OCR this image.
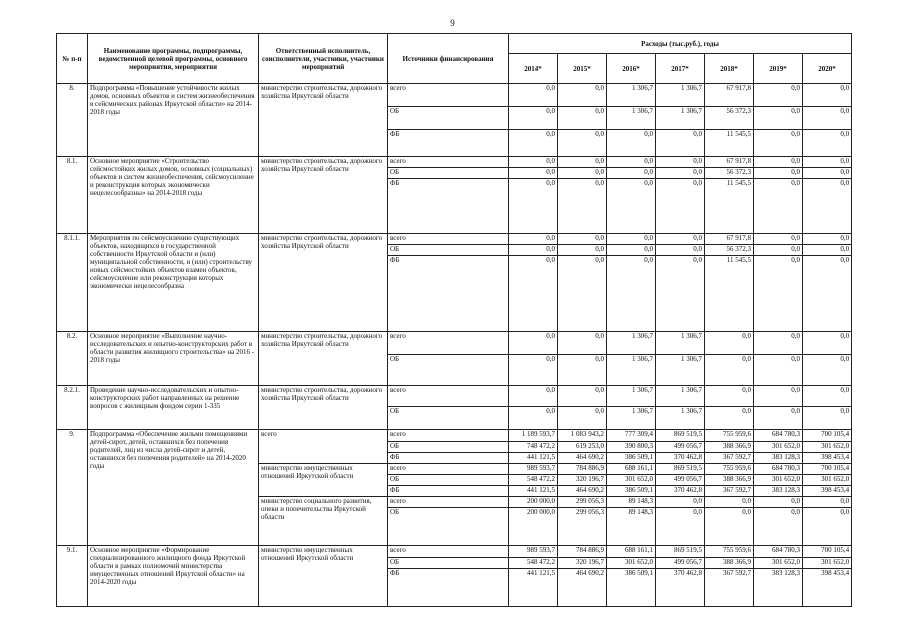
9
№ п-п	Наименование программы, подпрограммы, ведомственной целевой программы, основного мероприятия, мероприятия	Ответственный исполнитель, соисполнители, участники, участники мероприятий	Источники финансирования	Расходы (тыс.руб.), годы						
				2014*	2015*	2016*	2017*	2018*	2019*	2020*
8.	Подпрограмма «Повышение устойчивости жилых домов, основных объектов и систем жизнеобеспечения в сейсмических районах Иркутской области» на 2014-2018 годы	министерство строительства, дорожного хозяйства Иркутской области	всего	0,0	0,0	1 306,7	1 306,7	67 917,8	0,0	0,0
			ОБ	0,0	0,0	1 306,7	1 306,7	56 372,3	0,0	0,0
			ФБ	0,0	0,0	0,0	0,0	11 545,5	0,0	0,0
8.1.	Основное мероприятие «Строительство сейсмостойких жилых домов, основных (социальных) объектов и систем жизнеобеспечения, сейсмоусиление и реконструкция которых экономически нецелесообразны» на 2014-2018 годы	министерство строительства, дорожного хозяйства Иркутской области	всего	0,0	0,0	0,0	0,0	67 917,8	0,0	0,0
			ОБ	0,0	0,0	0,0	0,0	56 372,3	0,0	0,0
			ФБ	0,0	0,0	0,0	0,0	11 545,5	0,0	0,0
8.1.1.	Мероприятия по сейсмоусилению существующих объектов, находящихся в государственной собственности Иркутской области и (или) муниципальной собственности, и (или) строительству новых сейсмостойких объектов взамен объектов, сейсмоусиление или реконструкция которых экономически нецелесообразна	министерство строительства, дорожного хозяйства Иркутской области	всего	0,0	0,0	0,0	0,0	67 917,8	0,0	0,0
			ОБ	0,0	0,0	0,0	0,0	56 372,3	0,0	0,0
			ФБ	0,0	0,0	0,0	0,0	11 545,5	0,0	0,0
8.2.	Основное мероприятие «Выполнение научно-исследовательских и опытно-конструкторских работ в области развития жилищного строительства» на 2016 - 2018 годы	министерство строительства, дорожного хозяйства Иркутской области	всего	0,0	0,0	1 306,7	1 306,7	0,0	0,0	0,0
			ОБ	0,0	0,0	1 306,7	1 306,7	0,0	0,0	0,0
8.2.1.	Проведение научно-исследовательских и опытно-конструкторских работ направленных на решение вопросов с жилищным фондом серии 1-335	министерство строительства, дорожного хозяйства Иркутской области	всего	0,0	0,0	1 306,7	1 306,7	0,0	0,0	0,0
			ОБ	0,0	0,0	1 306,7	1 306,7	0,0	0,0	0,0
9.	Подпрограмма «Обеспечение жильми помещениями детей-сирот, детей, оставшихся без попечения родителей, лиц из числа детей-сирот и детей, оставшихся без попечения родителей» на 2014-2020 годы	всего	всего	1 189 593,7	1 083 943,2	777 309,4	869 519,5	755 959,6	684 780,3	700 105,4
			ОБ	748 472,2	619 253,0	390 800,3	499 056,7	388 366,9	301 652,0	301 652,0
			ФБ	441 121,5	464 690,2	386 509,1	370 462,8	367 592,7	383 128,3	398 453,4
		министерство имущественных отношений Иркутской области	всего	989 593,7	784 886,9	688 161,1	869 519,5	755 959,6	684 780,3	700 105,4
			ОБ	548 472,2	320 196,7	301 652,0	499 056,7	388 366,9	301 652,0	301 652,0
			ФБ	441 121,5	464 690,2	386 509,1	370 462,8	367 592,7	383 128,3	398 453,4
		министерство социального развития, опеки и попечительства Иркутской области	всего	200 000,0	299 056,3	89 148,3	0,0	0,0	0,0	0,0
			ОБ	200 000,0	299 056,3	89 148,3	0,0	0,0	0,0	0,0
9.1.	Основное мероприятие «Формирование специализированного жилищного фонда Иркутской области в рамках полномочий министерства имущественных отношений Иркутской области» на 2014-2020 годы	министерство имущественных отношений Иркутской области	всего	989 593,7	784 886,9	688 161,1	869 519,5	755 959,6	684 780,3	700 105,4
			ОБ	548 472,2	320 196,7	301 652,0	499 056,7	388 366,9	301 652,0	301 652,0
			ФБ	441 121,5	464 690,2	386 509,1	370 462,8	367 592,7	383 128,3	398 453,4
